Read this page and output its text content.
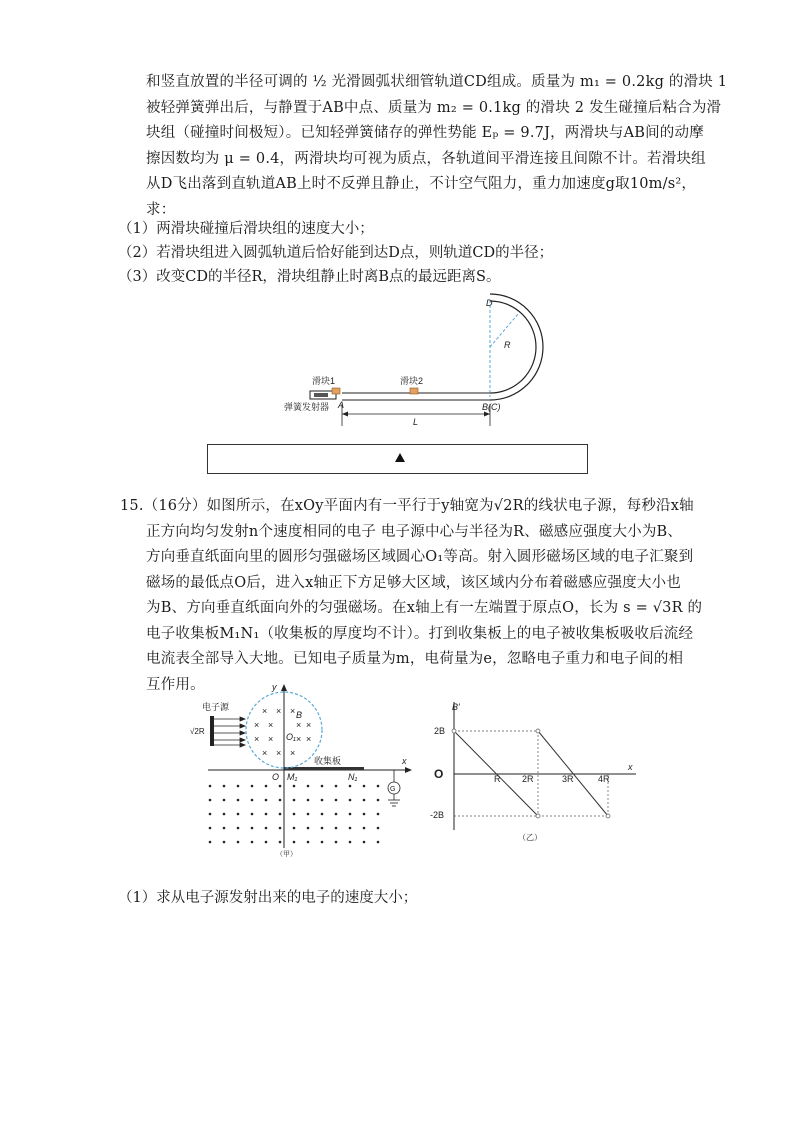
和竖直放置的半径可调的 ½ 光滑圆弧状细管轨道CD组成。质量为 m₁ = 0.2kg 的滑块 1
被轻弹簧弹出后，与静置于AB中点、质量为 m₂ = 0.1kg 的滑块 2 发生碰撞后粘合为滑
块组（碰撞时间极短）。已知轻弹簧储存的弹性势能 Eₚ = 9.7J，两滑块与AB间的动摩
擦因数均为 μ = 0.4，两滑块均可视为质点，各轨道间平滑连接且间隙不计。若滑块组
从D飞出落到直轨道AB上时不反弹且静止，不计空气阻力，重力加速度g取10m/s²，
求：
（1）两滑块碰撞后滑块组的速度大小；
（2）若滑块组进入圆弧轨道后恰好能到达D点，则轨道CD的半径；
（3）改变CD的半径R，滑块组静止时离B点的最远距离S。
滑块1	滑块2
弹簧发射器 A	B(C)
D
R
L
15.（16分）如图所示，在xOy平面内有一平行于y轴宽为√2R的线状电子源，每秒沿x轴
正方向均匀发射n个速度相同的电子 电子源中心与半径为R、磁感应强度大小为B、
方向垂直纸面向里的圆形匀强磁场区域圆心O₁等高。射入圆形磁场区域的电子汇聚到
磁场的最低点O后，进入x轴正下方足够大区域，该区域内分布着磁感应强度大小也
为B、方向垂直纸面向外的匀强磁场。在x轴上有一左端置于原点O，长为 s = √3R 的
电子收集板M₁N₁（收集板的厚度均不计）。打到收集板上的电子被收集板吸收后流经
电流表全部导入大地。已知电子质量为m，电荷量为e，忽略电子重力和电子间的相
互作用。	y
x
收集板
O M₁	N₁
G
B
O₁
× × ×
× ×	× ×
× ×	× ×
× × ×
电子源
√2R
（甲）
B′
x
O
2B
-2B
R 2R	3R	4R
（乙）
（1）求从电子源发射出来的电子的速度大小；
